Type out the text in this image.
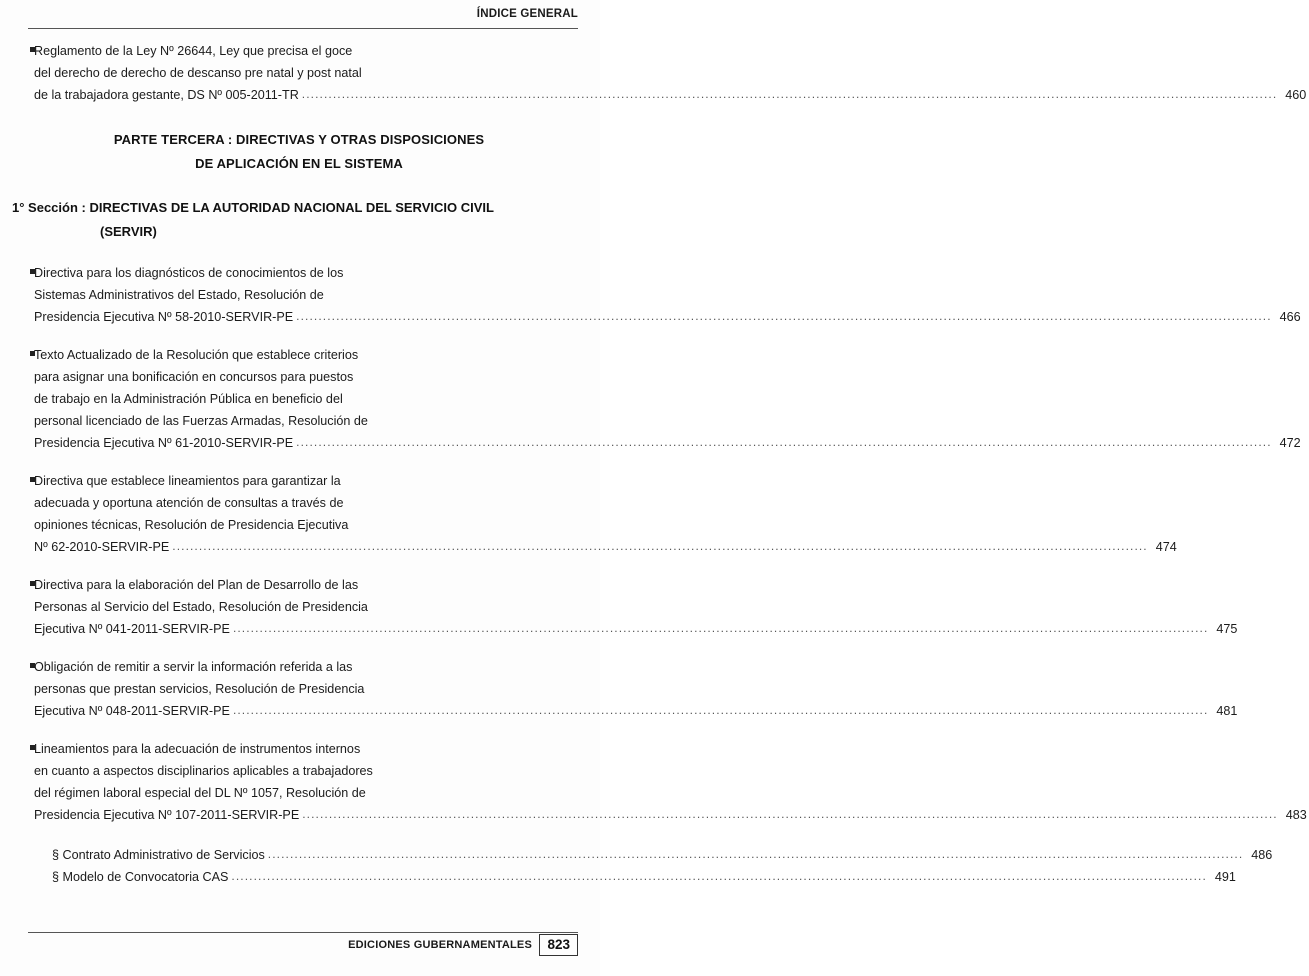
ÍNDICE GENERAL
Reglamento de la Ley Nº 26644, Ley que precisa el goce
del derecho de derecho de descanso pre natal y post natal
de la trabajadora gestante, DS Nº 005-2011-TR ............................................................................................................................................................................................................................ 460
PARTE TERCERA : DIRECTIVAS Y OTRAS DISPOSICIONES
DE APLICACIÓN EN EL SISTEMA
1° Sección : DIRECTIVAS DE LA AUTORIDAD NACIONAL DEL SERVICIO CIVIL
(SERVIR)
Directiva para los diagnósticos de conocimientos de los
Sistemas Administrativos del Estado, Resolución de
Presidencia Ejecutiva Nº 58-2010-SERVIR-PE ............................................................................................................................................................................................................................ 466
Texto Actualizado de la Resolución que establece criterios
para asignar una bonificación en concursos para puestos
de trabajo en la Administración Pública en beneficio del
personal licenciado de las Fuerzas Armadas, Resolución de
Presidencia Ejecutiva Nº 61-2010-SERVIR-PE ............................................................................................................................................................................................................................ 472
Directiva que establece lineamientos para garantizar la
adecuada y oportuna atención de consultas a través de
opiniones técnicas, Resolución de Presidencia Ejecutiva
Nº 62-2010-SERVIR-PE ............................................................................................................................................................................................................................ 474
Directiva para la elaboración del Plan de Desarrollo de las
Personas al Servicio del Estado, Resolución de Presidencia
Ejecutiva Nº 041-2011-SERVIR-PE ............................................................................................................................................................................................................................ 475
Obligación de remitir a servir la información referida a las
personas que prestan servicios, Resolución de Presidencia
Ejecutiva Nº 048-2011-SERVIR-PE ............................................................................................................................................................................................................................ 481
Lineamientos para la adecuación de instrumentos internos
en cuanto a aspectos disciplinarios aplicables a trabajadores
del régimen laboral especial del DL Nº 1057, Resolución de
Presidencia Ejecutiva Nº 107-2011-SERVIR-PE ............................................................................................................................................................................................................................ 483
§ Contrato Administrativo de Servicios ............................................................................................................................................................................................................................ 486
§ Modelo de Convocatoria CAS ............................................................................................................................................................................................................................ 491
EDICIONES GUBERNAMENTALES	823
